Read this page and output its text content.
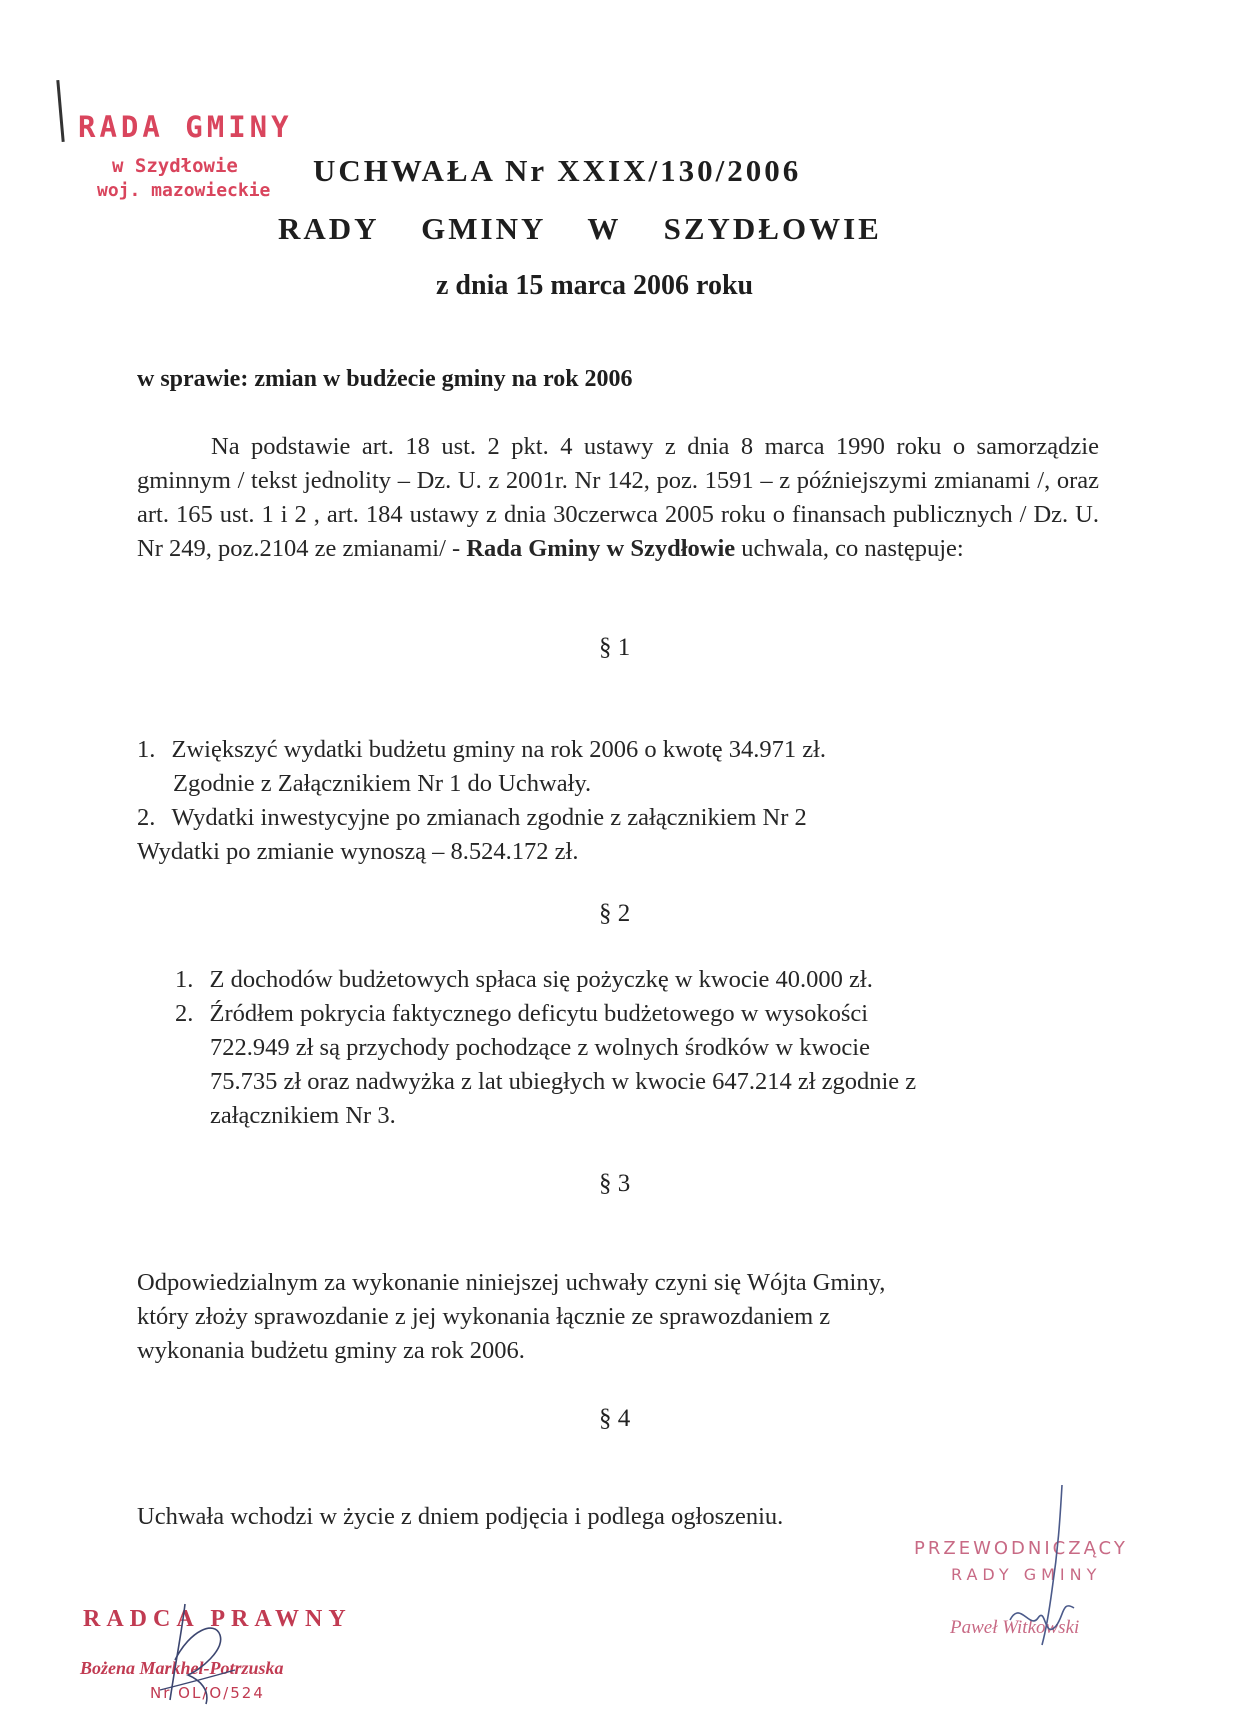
RADA GMINY
w Szydłowie
woj. mazowieckie
UCHWAŁA Nr XXIX/130/2006
RADY GMINY W SZYDŁOWIE
z dnia 15 marca 2006 roku
w sprawie: zmian w budżecie gminy na rok 2006
Na podstawie art. 18 ust. 2 pkt. 4 ustawy z dnia 8 marca 1990 roku o samorządzie gminnym / tekst jednolity – Dz. U. z 2001r. Nr 142, poz. 1591 – z późniejszymi zmianami /, oraz art. 165 ust. 1 i 2 , art. 184 ustawy z dnia 30czerwca 2005 roku o finansach publicznych / Dz. U. Nr 249, poz.2104 ze zmianami/ - Rada Gminy w Szydłowie uchwala, co następuje:
§ 1
1. Zwiększyć wydatki budżetu gminy na rok 2006 o kwotę 34.971 zł.
Zgodnie z Załącznikiem Nr 1 do Uchwały.
2. Wydatki inwestycyjne po zmianach zgodnie z załącznikiem Nr 2
Wydatki po zmianie wynoszą – 8.524.172 zł.
§ 2
1. Z dochodów budżetowych spłaca się pożyczkę w kwocie 40.000 zł.
2. Źródłem pokrycia faktycznego deficytu budżetowego w wysokości
722.949 zł są przychody pochodzące z wolnych środków w kwocie
75.735 zł oraz nadwyżka z lat ubiegłych w kwocie 647.214 zł zgodnie z
załącznikiem Nr 3.
§ 3
Odpowiedzialnym za wykonanie niniejszej uchwały czyni się Wójta Gminy,
który złoży sprawozdanie z jej wykonania łącznie ze sprawozdaniem z
wykonania budżetu gminy za rok 2006.
§ 4
Uchwała wchodzi w życie z dniem podjęcia i podlega ogłoszeniu.
PRZEWODNICZĄCY
RADY GMINY
Paweł Witkowski
RADCA PRAWNY
Bożena Markhel-Potrzuska
Nr OL/O/524
